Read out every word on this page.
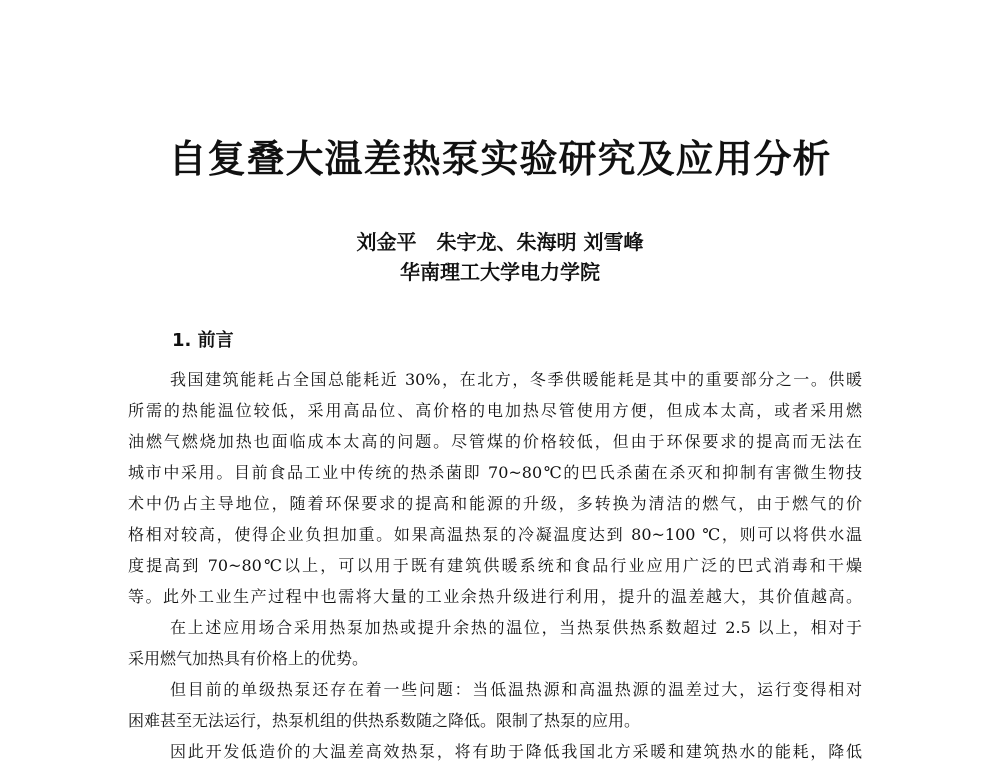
自复叠大温差热泵实验研究及应用分析
刘金平　朱宇龙、朱海明 刘雪峰
华南理工大学电力学院
1. 前言
我国建筑能耗占全国总能耗近 30%，在北方，冬季供暖能耗是其中的重要部分之一。供暖
所需的热能温位较低，采用高品位、高价格的电加热尽管使用方便，但成本太高，或者采用燃
油燃气燃烧加热也面临成本太高的问题。尽管煤的价格较低，但由于环保要求的提高而无法在
城市中采用。目前食品工业中传统的热杀菌即 70~80℃的巴氏杀菌在杀灭和抑制有害微生物技
术中仍占主导地位，随着环保要求的提高和能源的升级，多转换为清洁的燃气，由于燃气的价
格相对较高，使得企业负担加重。如果高温热泵的冷凝温度达到 80~100 ℃，则可以将供水温
度提高到 70~80℃以上，可以用于既有建筑供暖系统和食品行业应用广泛的巴式消毒和干燥
等。此外工业生产过程中也需将大量的工业余热升级进行利用，提升的温差越大，其价值越高。
在上述应用场合采用热泵加热或提升余热的温位，当热泵供热系数超过 2.5 以上，相对于
采用燃气加热具有价格上的优势。
但目前的单级热泵还存在着一些问题：当低温热源和高温热源的温差过大，运行变得相对
困难甚至无法运行，热泵机组的供热系数随之降低。限制了热泵的应用。
因此开发低造价的大温差高效热泵，将有助于降低我国北方采暖和建筑热水的能耗，降低
